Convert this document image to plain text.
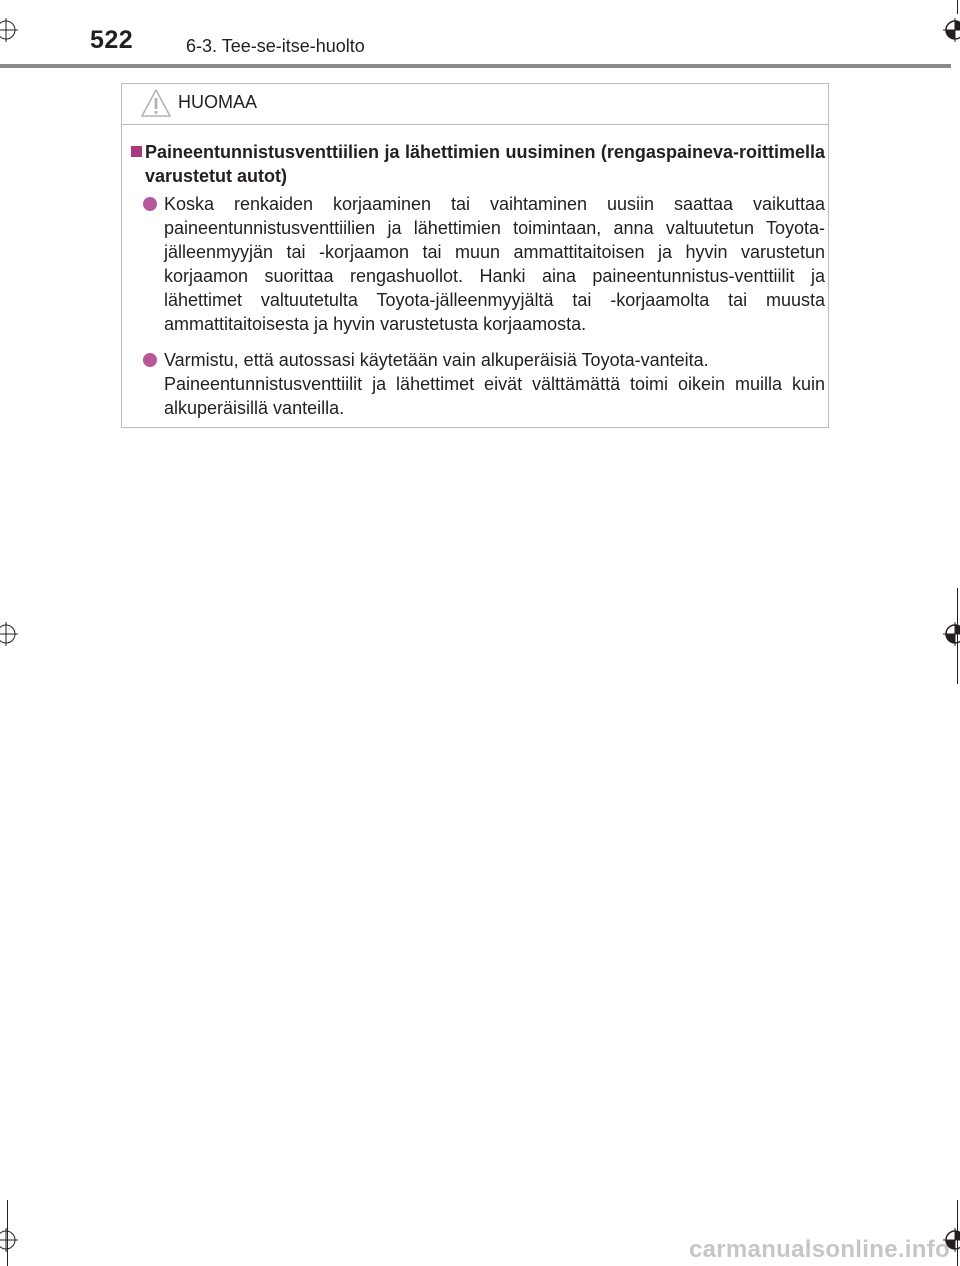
522	6-3. Tee-se-itse-huolto
HUOMAA
Paineentunnistusventtiilien ja lähettimien uusiminen (rengaspaineva-roittimella varustetut autot)
Koska renkaiden korjaaminen tai vaihtaminen uusiin saattaa vaikuttaa paineentunnistusventtiilien ja lähettimien toimintaan, anna valtuutetun Toyota-jälleenmyyjän tai -korjaamon tai muun ammattitaitoisen ja hyvin varustetun korjaamon suorittaa rengashuollot. Hanki aina paineentunnistus-venttiilit ja lähettimet valtuutetulta Toyota-jälleenmyyjältä tai -korjaamolta tai muusta ammattitaitoisesta ja hyvin varustetusta korjaamosta.
Varmistu, että autossasi käytetään vain alkuperäisiä Toyota-vanteita.
Paineentunnistusventtiilit ja lähettimet eivät välttämättä toimi oikein muilla kuin alkuperäisillä vanteilla.
carmanualsonline.info
